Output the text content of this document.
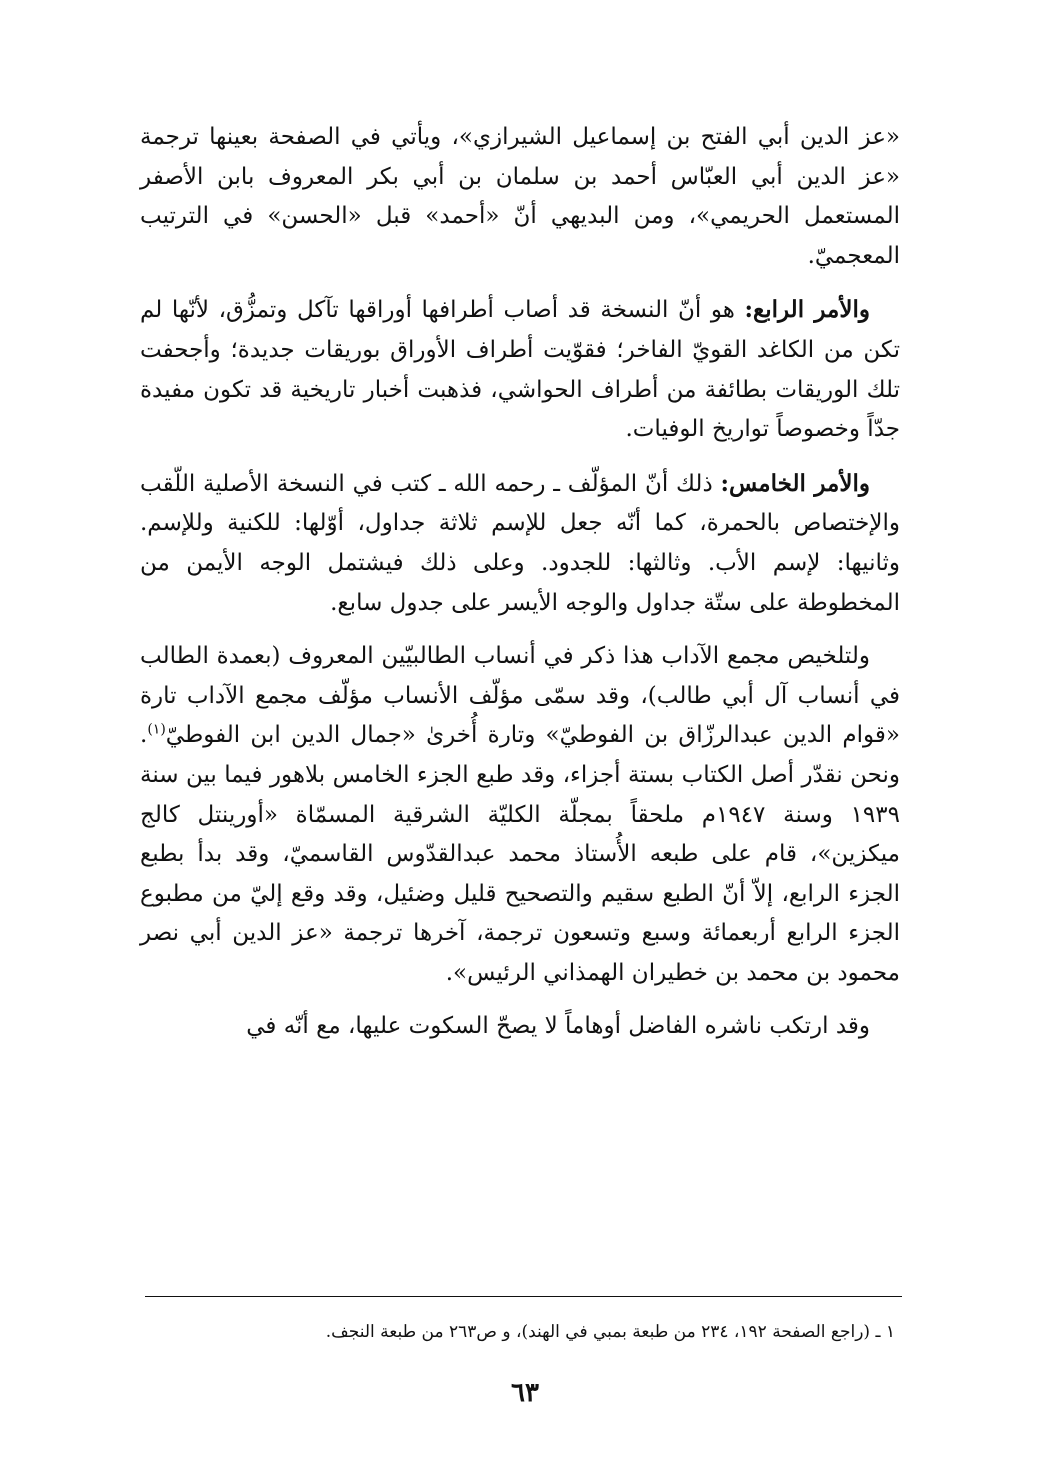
«عز الدين أبي الفتح بن إسماعيل الشيرازي»، ويأتي في الصفحة بعينها ترجمة «عز الدين أبي العبّاس أحمد بن سلمان بن أبي بكر المعروف بابن الأصفر المستعمل الحريمي»، ومن البديهي أنّ «أحمد» قبل «الحسن» في الترتيب المعجميّ.

والأمر الرابع: هو أنّ النسخة قد أصاب أطرافها أوراقها تآكل وتمزُّق، لأنّها لم تكن من الكاغد القويّ الفاخر؛ فقوّيت أطراف الأوراق بوريقات جديدة؛ وأجحفت تلك الوريقات بطائفة من أطراف الحواشي، فذهبت أخبار تاريخية قد تكون مفيدة جدّاً وخصوصاً تواريخ الوفيات.

والأمر الخامس: ذلك أنّ المؤلّف ـ رحمه الله ـ كتب في النسخة الأصلية اللّقب والإختصاص بالحمرة، كما أنّه جعل للإسم ثلاثة جداول، أوّلها: للكنية وللإسم. وثانيها: لإسم الأب. وثالثها: للجدود. وعلى ذلك فيشتمل الوجه الأيمن من المخطوطة على ستّة جداول والوجه الأيسر على جدول سابع.

ولتلخيص مجمع الآداب هذا ذكر في أنساب الطالبيّين المعروف (بعمدة الطالب في أنساب آل أبي طالب)، وقد سمّى مؤلّف الأنساب مؤلّف مجمع الآداب تارة «قوام الدين عبدالرزّاق بن الفوطيّ» وتارة أُخرىٰ «جمال الدين ابن الفوطيّ$^{(١)}$. ونحن نقدّر أصل الكتاب بستة أجزاء، وقد طبع الجزء الخامس بلاهور فيما بين سنة ١٩٣٩ وسنة ١٩٤٧م ملحقاً بمجلّة الكليّة الشرقية المسمّاة «أورينتل كالج ميكزين»، قام على طبعه الأُستاذ محمد عبدالقدّوس القاسميّ، وقد بدأ بطبع الجزء الرابع، إلاّ أنّ الطبع سقيم والتصحيح قليل وضئيل، وقد وقع إليّ من مطبوع الجزء الرابع أربعمائة وسبع وتسعون ترجمة، آخرها ترجمة «عز الدين أبي نصر محمود بن محمد بن خطيران الهمذاني الرئيس».

وقد ارتكب ناشره الفاضل أوهاماً لا يصحّ السكوت عليها، مع أنّه في

١ ـ (راجع الصفحة ١٩٢، ٢٣٤ من طبعة بمبي في الهند)، و ص٢٦٣ من طبعة النجف.
٦٣
